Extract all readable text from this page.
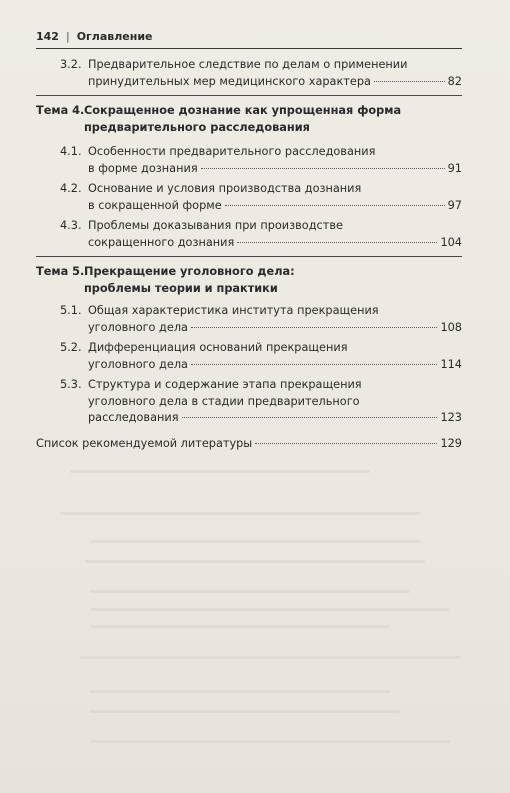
142 | Оглавление
3.2. Предварительное следствие по делам о применении
принудительных мер медицинского характера	82
Тема 4. Сокращенное дознание как упрощенная форма
предварительного расследования
4.1. Особенности предварительного расследования
в форме дознания	91
4.2. Основание и условия производства дознания
в сокращенной форме	97
4.3. Проблемы доказывания при производстве
сокращенного дознания	104
Тема 5. Прекращение уголовного дела:
проблемы теории и практики
5.1. Общая характеристика института прекращения
уголовного дела	108
5.2. Дифференциация оснований прекращения
уголовного дела	114
5.3. Структура и содержание этапа прекращения
уголовного дела в стадии предварительного
расследования	123
Список рекомендуемой литературы	129
